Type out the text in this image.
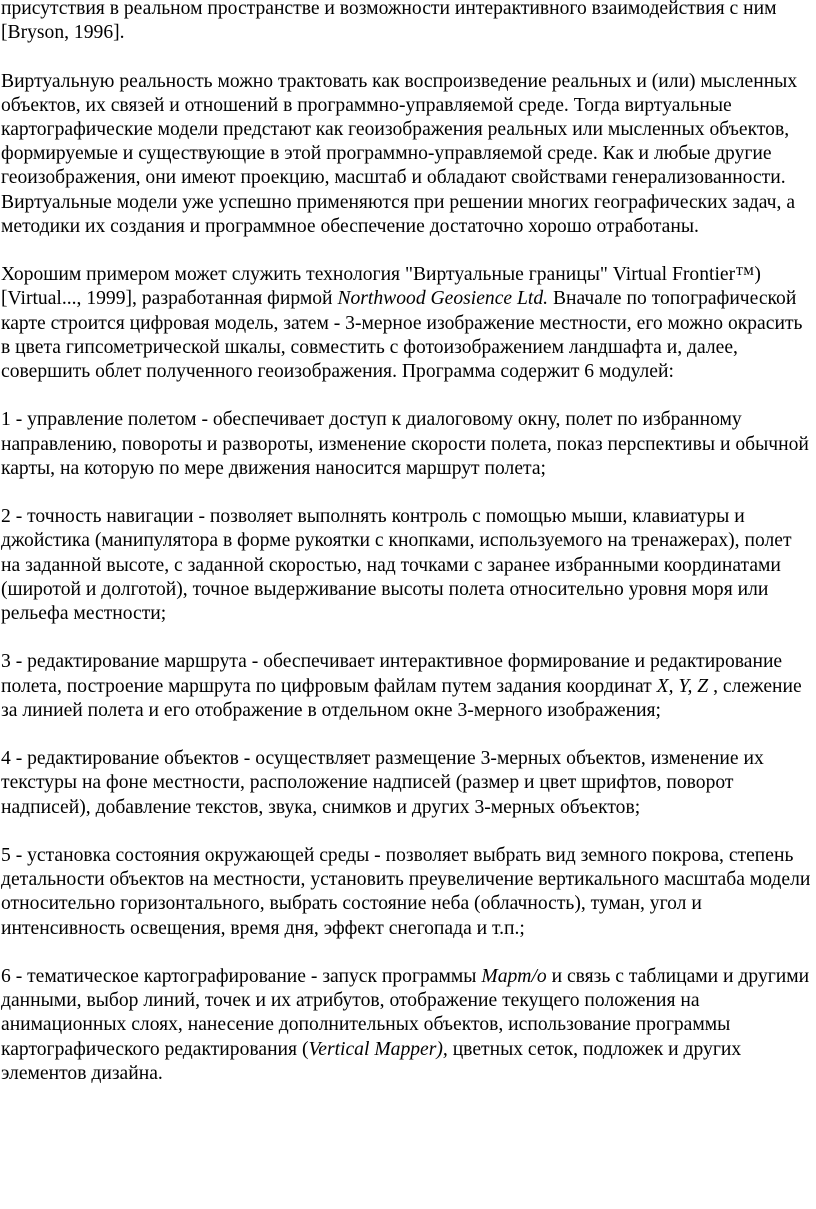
присутствия в реальном пространстве и возможности интерактивного взаимодействия с ним [Bryson, 1996].

Виртуальную реальность можно трактовать как воспроизведение реальных и (или) мысленных объектов, их связей и отношений в программно-управляемой среде. Тогда виртуальные картографические модели предстают как геоизображения реальных или мысленных объектов, формируемые и существующие в этой программно-управляемой среде. Как и любые другие геоизображения, они имеют проекцию, масштаб и обладают свойствами генерализованности. Виртуальные модели уже успешно применяются при решении многих географических задач, а методики их создания и программное обеспечение достаточно хорошо отработаны.

Хорошим примером может служить технология "Виртуальные границы" Virtual Frontier™) [Virtual..., 1999], разработанная фирмой Northwood Geosience Ltd. Вначале по топографической карте строится цифровая модель, затем - 3-мерное изображение местности, его можно окрасить в цвета гипсометрической шкалы, совместить с фотоизображением ландшафта и, далее, совершить облет полученного геоизображения. Программа содержит 6 модулей:

1 - управление полетом - обеспечивает доступ к диалоговому окну, полет по избранному направлению, повороты и развороты, изменение скорости полета, показ перспективы и обычной карты, на которую по мере движения наносится маршрут полета;

2 - точность навигации - позволяет выполнять контроль с помощью мыши, клавиатуры и джойстика (манипулятора в форме рукоятки с кнопками, используемого на тренажерах), полет на заданной высоте, с заданной скоростью, над точками с заранее избранными координатами (широтой и долготой), точное выдерживание высоты полета относительно уровня моря или рельефа местности;

3 - редактирование маршрута - обеспечивает интерактивное формирование и редактирование полета, построение маршрута по цифровым файлам путем задания координат X, Y, Z , слежение за линией полета и его отображение в отдельном окне 3-мерного изображения;

4 - редактирование объектов - осуществляет размещение 3-мерных объектов, изменение их текстуры на фоне местности, расположение надписей (размер и цвет шрифтов, поворот надписей), добавление текстов, звука, снимков и других 3-мерных объектов;

5 - установка состояния окружающей среды - позволяет выбрать вид земного покрова, степень детальности объектов на местности, установить преувеличение вертикального масштаба модели относительно горизонтального, выбрать состояние неба (облачность), туман, угол и интенсивность освещения, время дня, эффект снегопада и т.п.;

6 - тематическое картографирование - запуск программы Mapm/o и связь с таблицами и другими данными, выбор линий, точек и их атрибутов, отображение текущего положения на анимационных слоях, нанесение дополнительных объектов, использование программы картографического редактирования (Vertical Mapper), цветных сеток, подложек и других элементов дизайна.
